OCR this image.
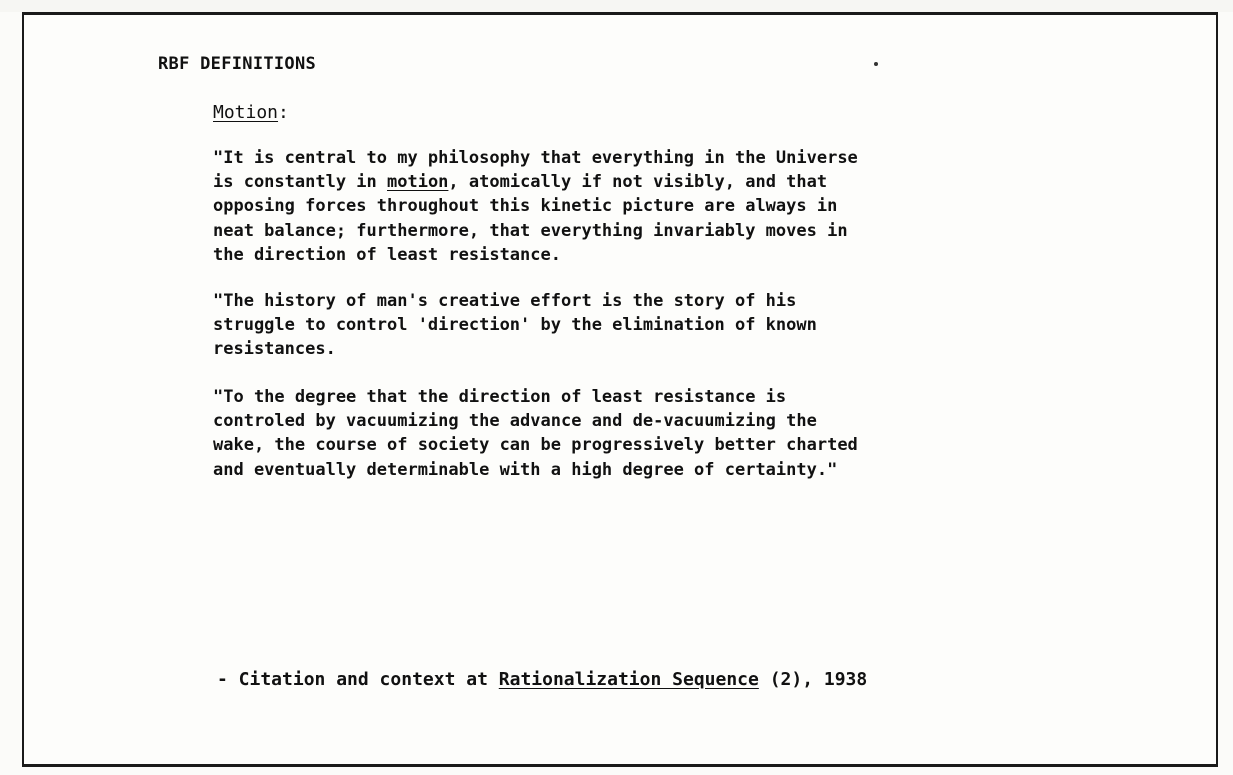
RBF DEFINITIONS
Motion:
"It is central to my philosophy that everything in the Universe
is constantly in motion, atomically if not visibly, and that
opposing forces throughout this kinetic picture are always in
neat balance; furthermore, that everything invariably moves in
the direction of least resistance.
"The history of man's creative effort is the story of his
struggle to control 'direction' by the elimination of known
resistances.
"To the degree that the direction of least resistance is
controled by vacuumizing the advance and de-vacuumizing the
wake, the course of society can be progressively better charted
and eventually determinable with a high degree of certainty."
- Citation and context at Rationalization Sequence (2), 1938
